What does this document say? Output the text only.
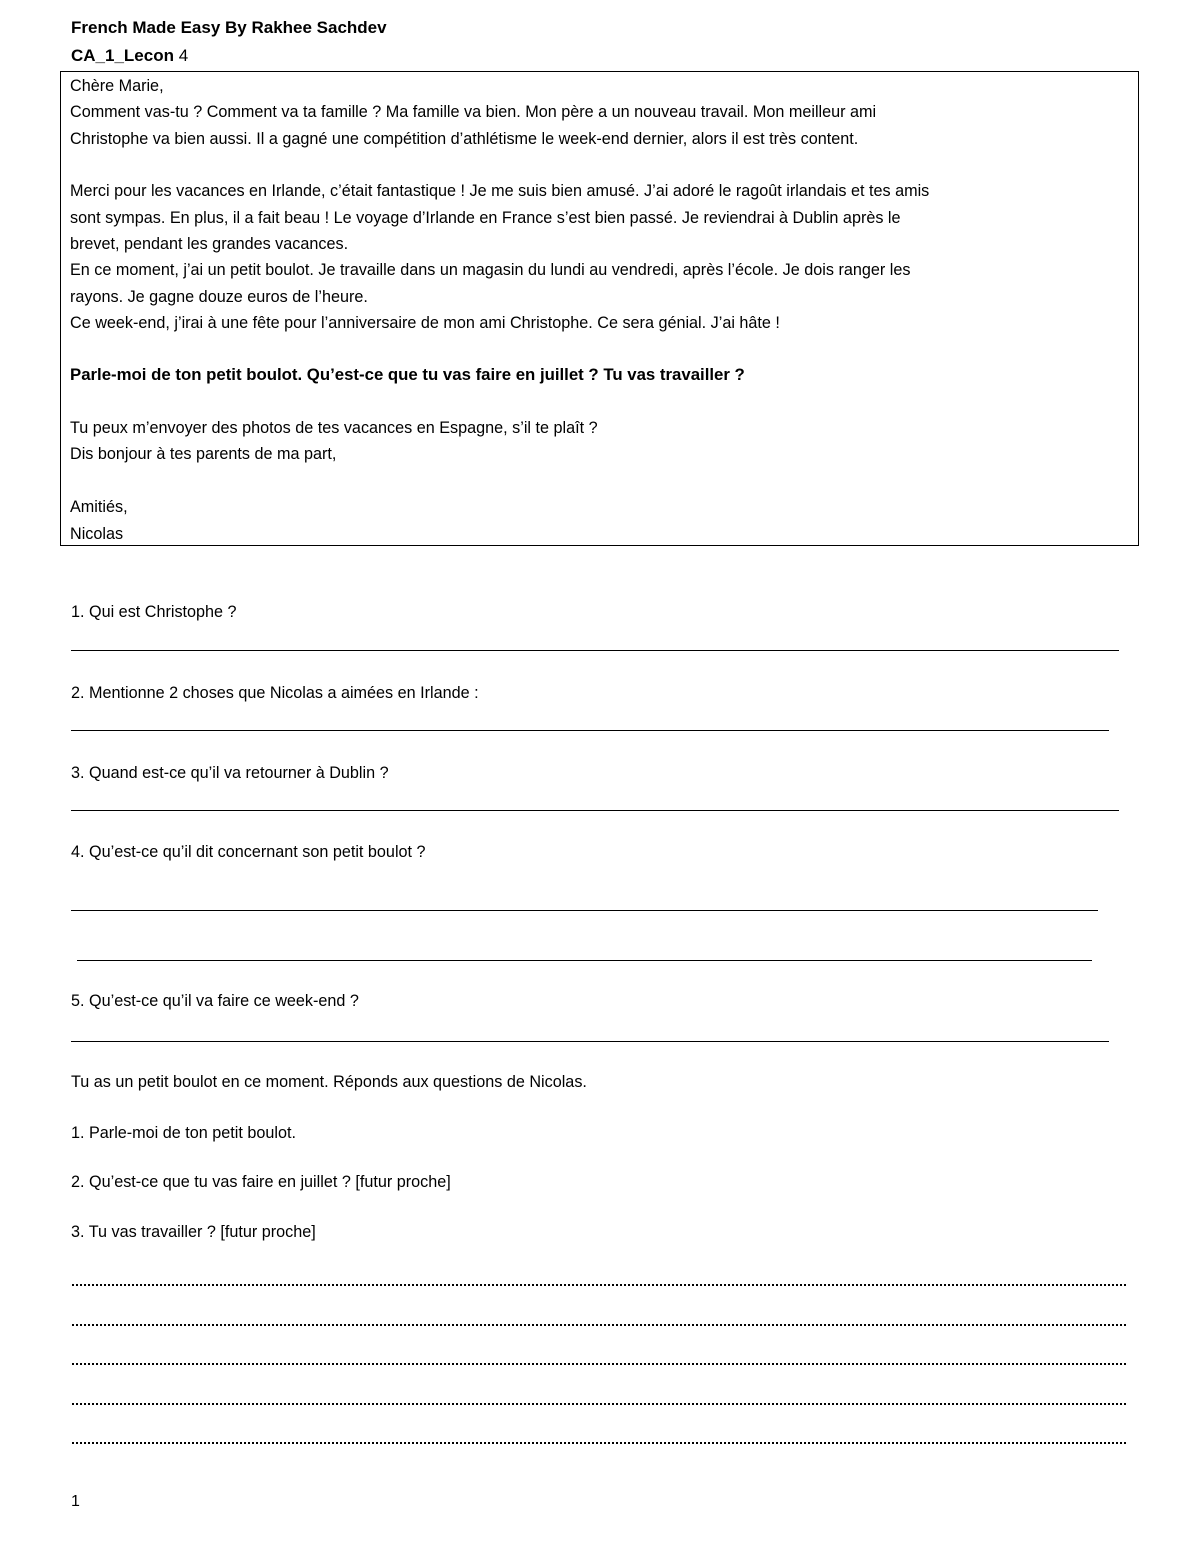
French Made Easy By Rakhee Sachdev
CA_1_Lecon 4
Chère Marie,
Comment vas-tu ? Comment va ta famille ? Ma famille va bien. Mon père a un nouveau travail. Mon meilleur ami
Christophe va bien aussi. Il a gagné une compétition d’athlétisme le week-end dernier, alors il est très content.
Merci pour les vacances en Irlande, c’était fantastique ! Je me suis bien amusé. J’ai adoré le ragoût irlandais et tes amis
sont sympas. En plus, il a fait beau ! Le voyage d’Irlande en France s’est bien passé. Je reviendrai à Dublin après le
brevet, pendant les grandes vacances.
En ce moment, j’ai un petit boulot. Je travaille dans un magasin du lundi au vendredi, après l’école. Je dois ranger les
rayons. Je gagne douze euros de l’heure.
Ce week-end, j’irai à une fête pour l’anniversaire de mon ami Christophe. Ce sera génial. J’ai hâte !
Parle-moi de ton petit boulot. Qu’est-ce que tu vas faire en juillet ? Tu vas travailler ?
Tu peux m’envoyer des photos de tes vacances en Espagne, s’il te plaît ?
Dis bonjour à tes parents de ma part,
Amitiés,
Nicolas
1. Qui est Christophe ?
2. Mentionne 2 choses que Nicolas a aimées en Irlande :
3. Quand est-ce qu’il va retourner à Dublin ?
4. Qu’est-ce qu’il dit concernant son petit boulot ?
5. Qu’est-ce qu’il va faire ce week-end ?
Tu as un petit boulot en ce moment. Réponds aux questions de Nicolas.
1. Parle-moi de ton petit boulot.
2. Qu’est-ce que tu vas faire en juillet ? [futur proche]
3. Tu vas travailler ? [futur proche]
1
